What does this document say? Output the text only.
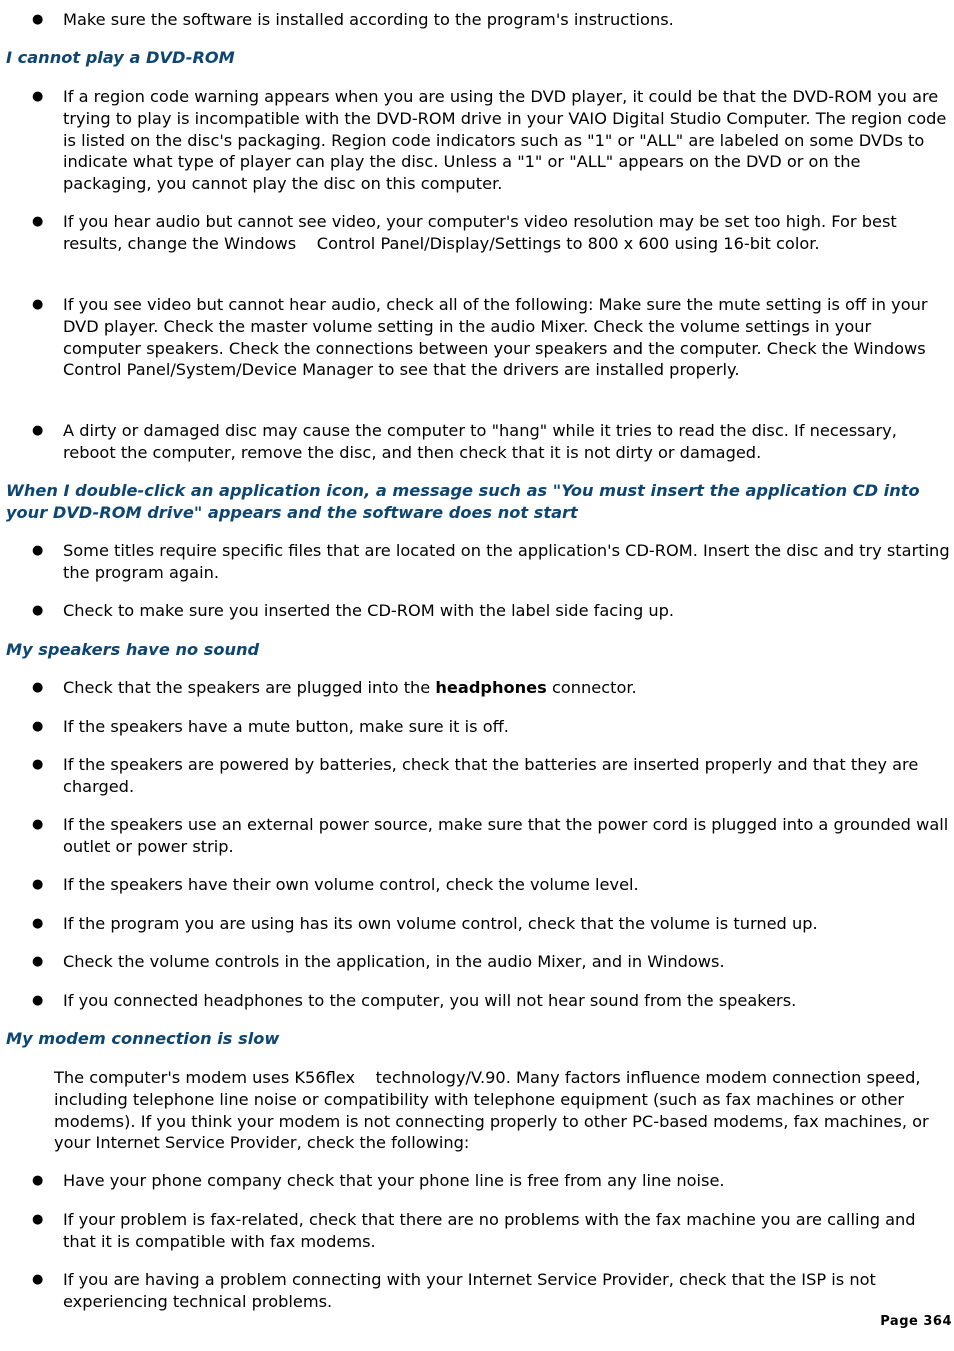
● Make sure the software is installed according to the program's instructions.

I cannot play a DVD-ROM
● If a region code warning appears when you are using the DVD player, it could be that the DVD-ROM you are trying to play is incompatible with the DVD-ROM drive in your VAIO Digital Studio Computer. The region code is listed on the disc's packaging. Region code indicators such as "1" or "ALL" are labeled on some DVDs to indicate what type of player can play the disc. Unless a "1" or "ALL" appears on the DVD or on the packaging, you cannot play the disc on this computer.

● If you hear audio but cannot see video, your computer's video resolution may be set too high. For best results, change the Windows    Control Panel/Display/Settings to 800 x 600 using 16-bit color.

● If you see video but cannot hear audio, check all of the following: Make sure the mute setting is off in your DVD player. Check the master volume setting in the audio Mixer. Check the volume settings in your computer speakers. Check the connections between your speakers and the computer. Check the Windows    Control Panel/System/Device Manager to see that the drivers are installed properly.

● A dirty or damaged disc may cause the computer to "hang" while it tries to read the disc. If necessary, reboot the computer, remove the disc, and then check that it is not dirty or damaged.

When I double-click an application icon, a message such as "You must insert the application CD into your DVD-ROM drive" appears and the software does not start
● Some titles require specific files that are located on the application's CD-ROM. Insert the disc and try starting the program again.

● Check to make sure you inserted the CD-ROM with the label side facing up.

My speakers have no sound
● Check that the speakers are plugged into the headphones connector.

● If the speakers have a mute button, make sure it is off.

● If the speakers are powered by batteries, check that the batteries are inserted properly and that they are charged.

● If the speakers use an external power source, make sure that the power cord is plugged into a grounded wall outlet or power strip.

● If the speakers have their own volume control, check the volume level.

● If the program you are using has its own volume control, check that the volume is turned up.

● Check the volume controls in the application, in the audio Mixer, and in Windows.

● If you connected headphones to the computer, you will not hear sound from the speakers.

My modem connection is slow

The computer's modem uses K56flex    technology/V.90. Many factors influence modem connection speed, including telephone line noise or compatibility with telephone equipment (such as fax machines or other modems). If you think your modem is not connecting properly to other PC-based modems, fax machines, or your Internet Service Provider, check the following:

● Have your phone company check that your phone line is free from any line noise.

● If your problem is fax-related, check that there are no problems with the fax machine you are calling and that it is compatible with fax modems.

● If you are having a problem connecting with your Internet Service Provider, check that the ISP is not experiencing technical problems.

Page 364
